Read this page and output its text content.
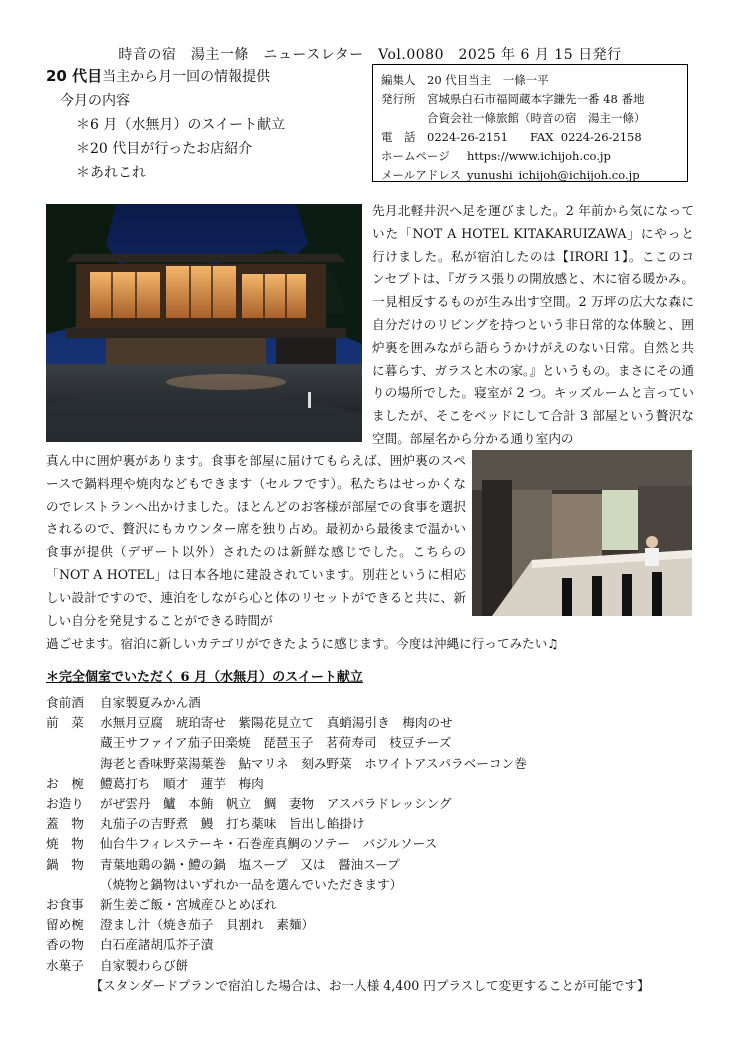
時音の宿　湯主一條　ニュースレター　Vol.0080　2025 年 6 月 15 日発行
20 代目当主から月一回の情報提供
今月の内容
＊6 月（水無月）のスイート献立
＊20 代目が行ったお店紹介
＊あれこれ
編集人 20 代目当主　一條一平
発行所 宮城県白石市福岡蔵本字鎌先一番 48 番地
合資会社一條旅館（時音の宿　湯主一條）
電　話 0224-26-2151 FAX 0224-26-2158
ホームページ https://www.ichijoh.co.jp
メールアドレス yunushi_ichijoh@ichijoh.co.jp
先月北軽井沢へ足を運びました。2 年前から気になっていた「NOT A HOTEL KITAKARUIZAWA」にやっと行けました。私が宿泊したのは【IRORI 1】。ここのコンセプトは、『ガラス張りの開放感と、木に宿る暖かみ。一見相反するものが生み出す空間。2 万坪の広大な森に自分だけのリビングを持つという非日常的な体験と、囲炉裏を囲みながら語らうかけがえのない日常。自然と共に暮らす、ガラスと木の家。』というもの。まさにその通りの場所でした。寝室が 2 つ。キッズルームと言っていましたが、そこをベッドにして合計 3 部屋という贅沢な空間。部屋名から分かる通り室内の
真ん中に囲炉裏があります。食事を部屋に届けてもらえば、囲炉裏のスペースで鍋料理や焼肉などもできます（セルフです）。私たちはせっかくなのでレストランへ出かけました。ほとんどのお客様が部屋での食事を選択されるので、贅沢にもカウンター席を独り占め。最初から最後まで温かい食事が提供（デザート以外）されたのは新鮮な感じでした。こちらの「NOT A HOTEL」は日本各地に建設されています。別荘というに相応しい設計ですので、連泊をしながら心と体のリセットができると共に、新しい自分を発見することができる時間が
過ごせます。宿泊に新しいカテゴリができたように感じます。今度は沖縄に行ってみたい♫
＊完全個室でいただく 6 月（水無月）のスイート献立
食前酒 自家製夏みかん酒
前　菜 水無月豆腐　琥珀寄せ　紫陽花見立て　真蛸湯引き　梅肉のせ
蔵王サファイア茄子田楽焼　琵琶玉子　茗荷寿司　枝豆チーズ
海老と香味野菜湯葉巻　鮎マリネ　刻み野菜　ホワイトアスパラベーコン巻
お　椀 鱧葛打ち　順才　蓮芋　梅肉
お造り がぜ雲丹　鱸　本鮪　帆立　鯛　妻物　アスパラドレッシング
蓋　物 丸茄子の吉野煮　鰻　打ち薬味　旨出し餡掛け
焼　物 仙台牛フィレステーキ・石巻産真鯛のソテー　バジルソース
鍋　物 青葉地鶏の鍋・鱧の鍋　塩スープ　又は　醤油スープ
（焼物と鍋物はいずれか一品を選んでいただきます）
お食事 新生姜ご飯・宮城産ひとめぼれ
留め椀 澄まし汁（焼き茄子　貝割れ　素麺）
香の物 白石産諸胡瓜芥子漬
水菓子 自家製わらび餅
【スタンダードプランで宿泊した場合は、お一人様 4,400 円プラスして変更することが可能です】
